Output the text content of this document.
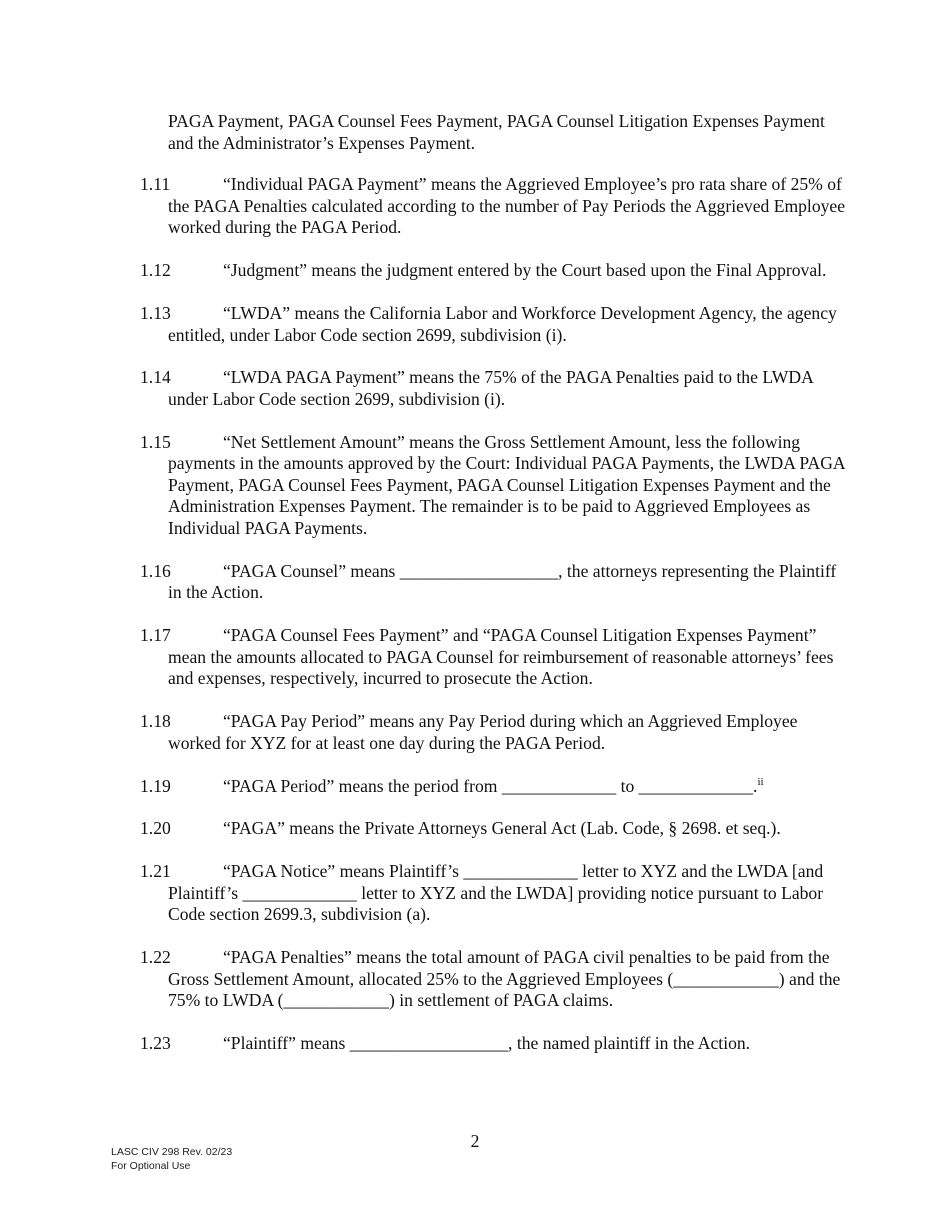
PAGA Payment, PAGA Counsel Fees Payment, PAGA Counsel Litigation Expenses Payment and the Administrator’s Expenses Payment.
1.11	“Individual PAGA Payment” means the Aggrieved Employee’s pro rata share of 25% of the PAGA Penalties calculated according to the number of Pay Periods the Aggrieved Employee worked during the PAGA Period.
1.12	“Judgment” means the judgment entered by the Court based upon the Final Approval.
1.13	“LWDA” means the California Labor and Workforce Development Agency, the agency entitled, under Labor Code section 2699, subdivision (i).
1.14	“LWDA PAGA Payment” means the 75% of the PAGA Penalties paid to the LWDA under Labor Code section 2699, subdivision (i).
1.15	“Net Settlement Amount” means the Gross Settlement Amount, less the following payments in the amounts approved by the Court: Individual PAGA Payments, the LWDA PAGA Payment, PAGA Counsel Fees Payment, PAGA Counsel Litigation Expenses Payment and the Administration Expenses Payment. The remainder is to be paid to Aggrieved Employees as Individual PAGA Payments.
1.16	“PAGA Counsel” means __________________, the attorneys representing the Plaintiff in the Action.
1.17	“PAGA Counsel Fees Payment” and “PAGA Counsel Litigation Expenses Payment” mean the amounts allocated to PAGA Counsel for reimbursement of reasonable attorneys’ fees and expenses, respectively, incurred to prosecute the Action.
1.18	“PAGA Pay Period” means any Pay Period during which an Aggrieved Employee worked for XYZ for at least one day during the PAGA Period.
1.19	“PAGA Period” means the period from _____________ to _____________.$^{ii}$
1.20	“PAGA” means the Private Attorneys General Act (Lab. Code, § 2698. et seq.).
1.21	“PAGA Notice” means Plaintiff’s _____________ letter to XYZ and the LWDA [and Plaintiff’s _____________ letter to XYZ and the LWDA] providing notice pursuant to Labor Code section 2699.3, subdivision (a).
1.22	“PAGA Penalties” means the total amount of PAGA civil penalties to be paid from the Gross Settlement Amount, allocated 25% to the Aggrieved Employees (____________) and the 75% to LWDA (____________) in settlement of PAGA claims.
1.23	“Plaintiff” means __________________, the named plaintiff in the Action.
2
LASC CIV 298 Rev. 02/23
For Optional Use
